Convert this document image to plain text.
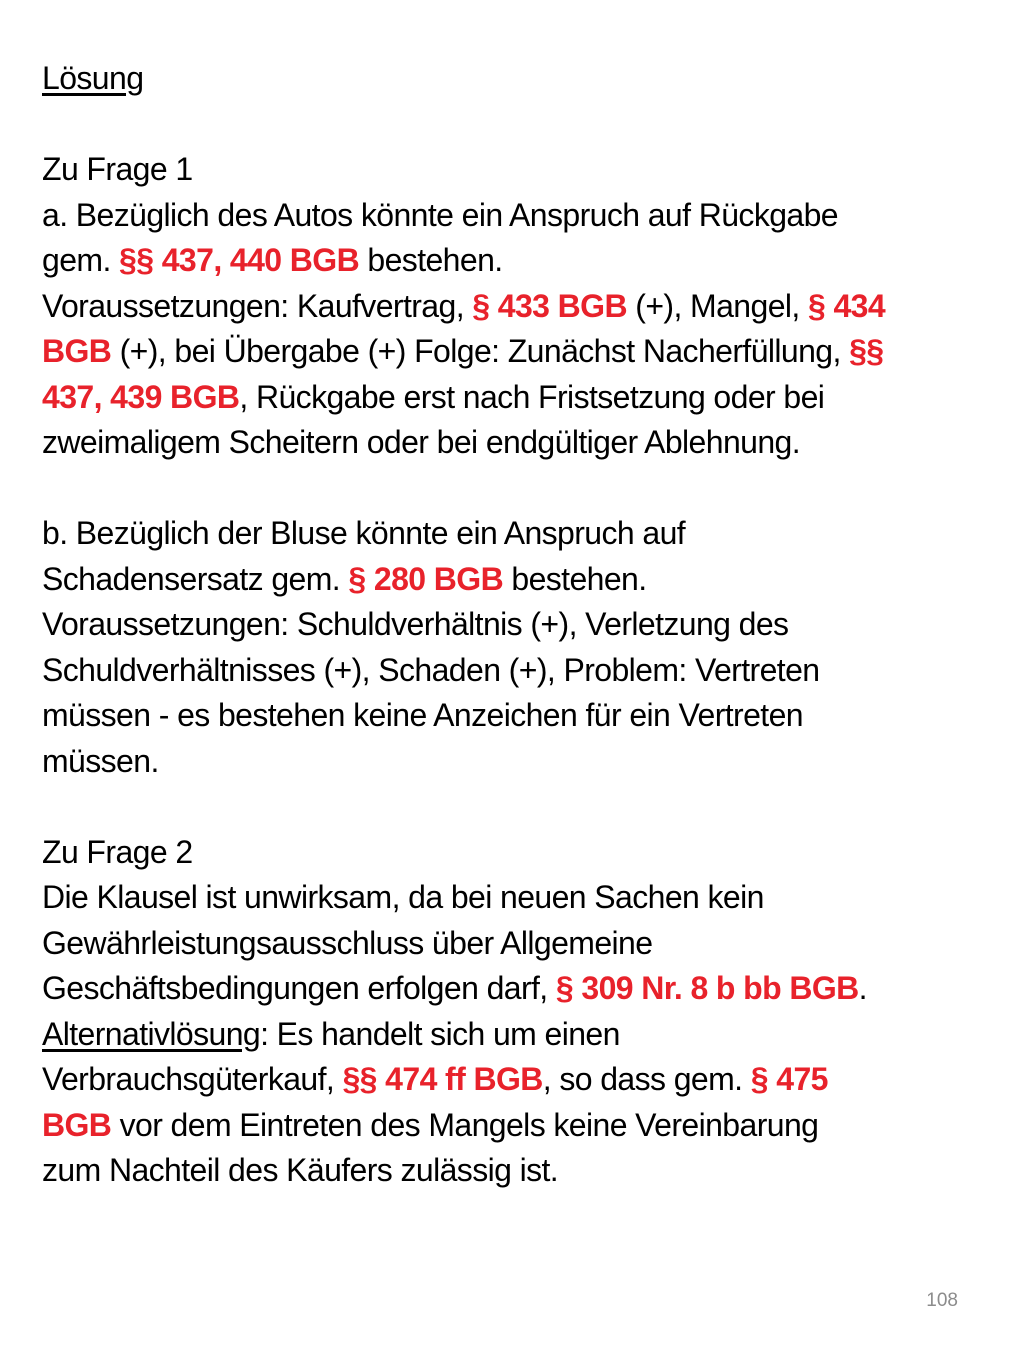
Lösung
Zu Frage 1
a. Bezüglich des Autos könnte ein Anspruch auf Rückgabe
gem. §§ 437, 440 BGB bestehen.
Voraussetzungen: Kaufvertrag, § 433 BGB (+), Mangel, § 434
BGB (+), bei Übergabe (+) Folge: Zunächst Nacherfüllung, §§
437, 439 BGB, Rückgabe erst nach Fristsetzung oder bei
zweimaligem Scheitern oder bei endgültiger Ablehnung.
b. Bezüglich der Bluse könnte ein Anspruch auf
Schadensersatz gem. § 280 BGB bestehen.
Voraussetzungen: Schuldverhältnis (+), Verletzung des
Schuldverhältnisses (+), Schaden (+), Problem: Vertreten
müssen - es bestehen keine Anzeichen für ein Vertreten
müssen.
Zu Frage 2
Die Klausel ist unwirksam, da bei neuen Sachen kein
Gewährleistungsausschluss über Allgemeine
Geschäftsbedingungen erfolgen darf, § 309 Nr. 8 b bb BGB.
Alternativlösung: Es handelt sich um einen
Verbrauchsgüterkauf, §§ 474 ff BGB, so dass gem. § 475
BGB vor dem Eintreten des Mangels keine Vereinbarung
zum Nachteil des Käufers zulässig ist.
108
